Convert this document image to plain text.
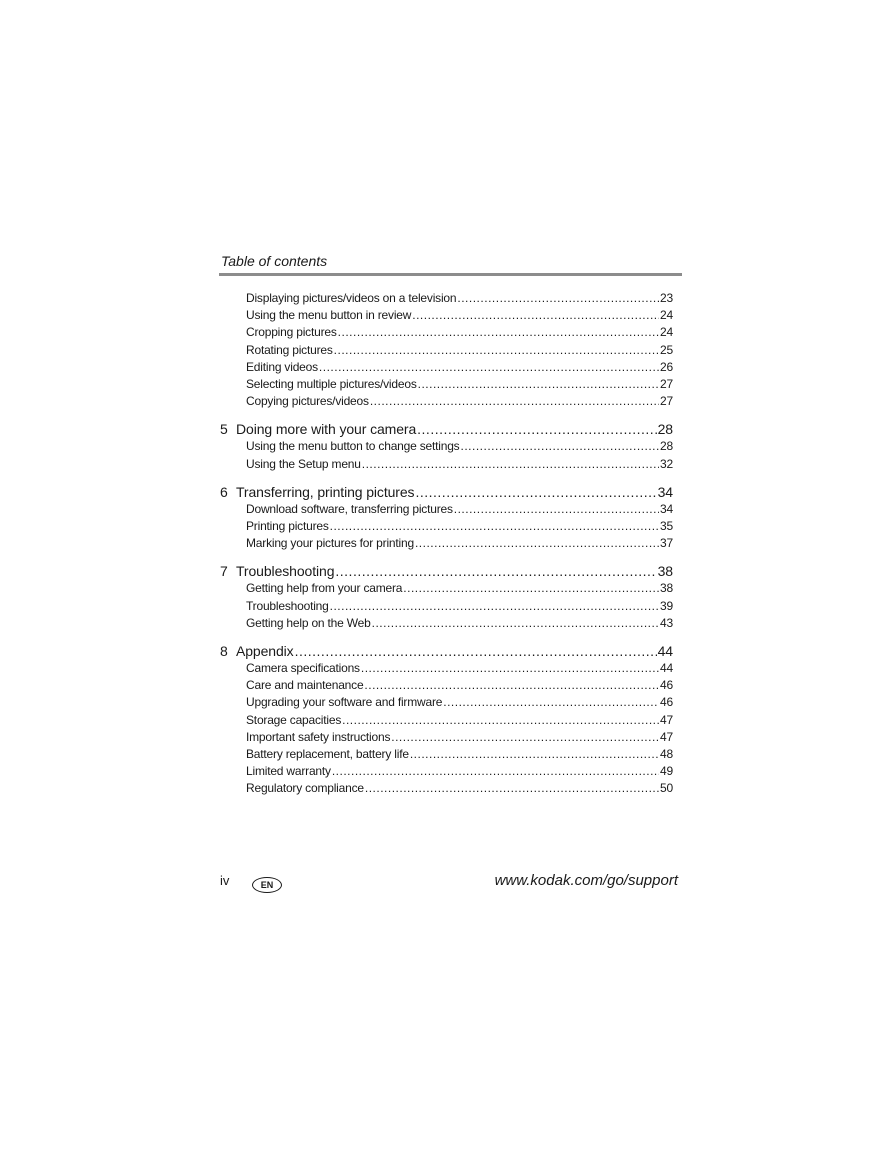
Table of contents
Displaying pictures/videos on a television .....	23
Using the menu button in review .....	24
Cropping pictures .....	24
Rotating pictures .....	25
Editing videos .....	26
Selecting multiple pictures/videos .....	27
Copying pictures/videos .....	27
5 Doing more with your camera .....	28
Using the menu button to change settings .....	28
Using the Setup menu .....	32
6 Transferring, printing pictures .....	34
Download software, transferring pictures .....	34
Printing pictures .....	35
Marking your pictures for printing .....	37
7 Troubleshooting .....	38
Getting help from your camera .....	38
Troubleshooting .....	39
Getting help on the Web .....	43
8 Appendix .....	44
Camera specifications .....	44
Care and maintenance .....	46
Upgrading your software and firmware .....	46
Storage capacities .....	47
Important safety instructions .....	47
Battery replacement, battery life .....	48
Limited warranty .....	49
Regulatory compliance .....	50
iv	EN	www.kodak.com/go/support
